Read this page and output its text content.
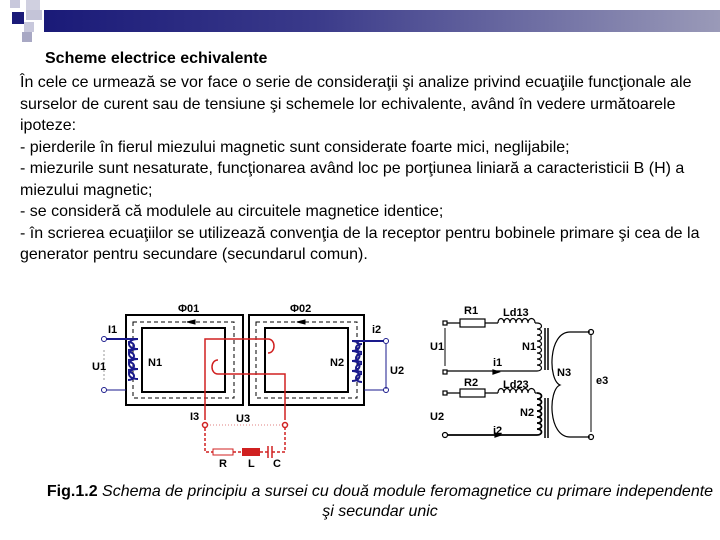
Scheme electrice echivalente

În cele ce urmează se vor face o serie de consideraţii şi analize privind ecuaţiile funcţionale ale surselor de curent sau de tensiune şi schemele lor echivalente, având în vedere următoarele ipoteze:

- pierderile în fierul miezului magnetic sunt considerate foarte mici, neglijabile;

- miezurile sunt nesaturate, funcţionarea având loc pe porţiunea liniară a caracteristicii B (H) a miezului magnetic;

- se consideră că modulele au circuitele magnetice identice;

- în scrierea ecuaţiilor se utilizează convenţia de la receptor pentru bobinele primare şi cea de la generator pentru secundare (secundarul comun).

Φ01	Φ02
I1	i2
U1	U2
N1	N2
I3	U3
R L C
R1 Ld13
U1	N1
i1
R2 Ld23
N3
e3
U2	N2
i2
Fig.1.2 Schema de principiu a sursei cu două module feromagnetice cu primare independente şi secundar unic
